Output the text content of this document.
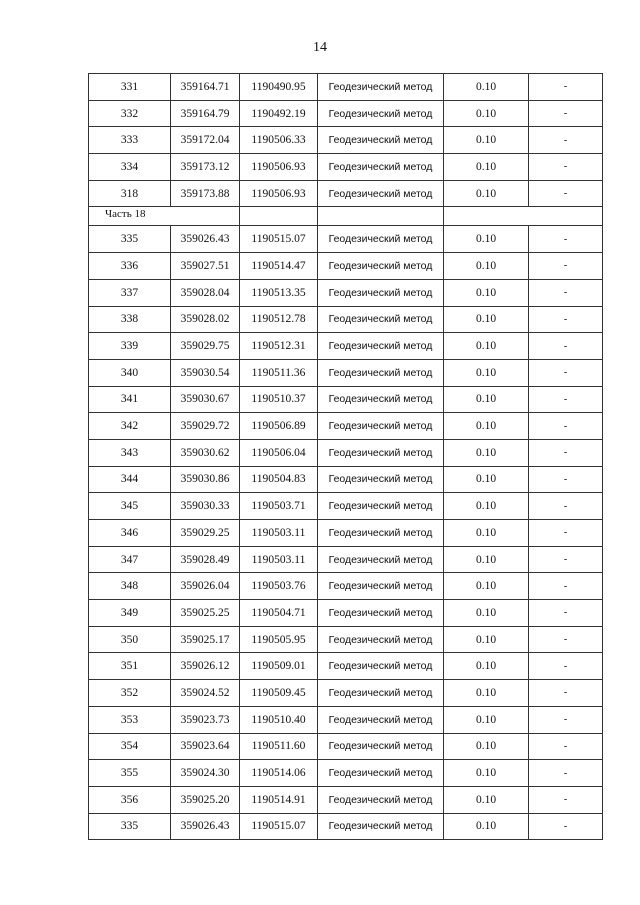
14
331	359164.71	1190490.95	Геодезический метод	0.10	-
332	359164.79	1190492.19	Геодезический метод	0.10	-
333	359172.04	1190506.33	Геодезический метод	0.10	-
334	359173.12	1190506.93	Геодезический метод	0.10	-
318	359173.88	1190506.93	Геодезический метод	0.10	-
Часть 18					
335	359026.43	1190515.07	Геодезический метод	0.10	-
336	359027.51	1190514.47	Геодезический метод	0.10	-
337	359028.04	1190513.35	Геодезический метод	0.10	-
338	359028.02	1190512.78	Геодезический метод	0.10	-
339	359029.75	1190512.31	Геодезический метод	0.10	-
340	359030.54	1190511.36	Геодезический метод	0.10	-
341	359030.67	1190510.37	Геодезический метод	0.10	-
342	359029.72	1190506.89	Геодезический метод	0.10	-
343	359030.62	1190506.04	Геодезический метод	0.10	-
344	359030.86	1190504.83	Геодезический метод	0.10	-
345	359030.33	1190503.71	Геодезический метод	0.10	-
346	359029.25	1190503.11	Геодезический метод	0.10	-
347	359028.49	1190503.11	Геодезический метод	0.10	-
348	359026.04	1190503.76	Геодезический метод	0.10	-
349	359025.25	1190504.71	Геодезический метод	0.10	-
350	359025.17	1190505.95	Геодезический метод	0.10	-
351	359026.12	1190509.01	Геодезический метод	0.10	-
352	359024.52	1190509.45	Геодезический метод	0.10	-
353	359023.73	1190510.40	Геодезический метод	0.10	-
354	359023.64	1190511.60	Геодезический метод	0.10	-
355	359024.30	1190514.06	Геодезический метод	0.10	-
356	359025.20	1190514.91	Геодезический метод	0.10	-
335	359026.43	1190515.07	Геодезический метод	0.10	-
